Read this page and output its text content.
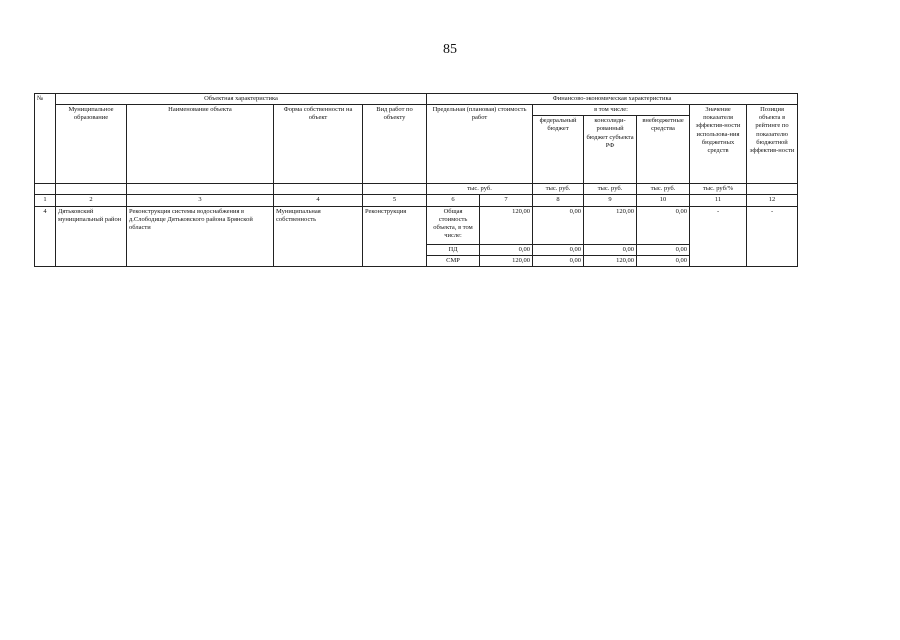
85
№	Объектная характеристика				Финансово-экономическая характеристика						
	Муниципальное образование	Наименование объекта	Форма собственности на объект	Вид работ по объекту	Предельная (плановая) стоимость работ		в том числе:			Значение показателя эффектив-ности использова-ния бюджетных средств	Позиция объекта в рейтинге по показателю бюджетной эффектив-ности
							федеральный бюджет	консолиди-рованный бюджет субъекта РФ	внебюджетные средства		
					тыс. руб.		тыс. руб.	тыс. руб.	тыс. руб.	тыс. руб/%	
1	2	3	4	5	6	7	8	9	10	11	12
4	Дятьковский муниципальный район	Реконструкция системы водоснабжения в д.Слободище Дятьковского района Брянской области	Муниципальная собственность	Реконструкция	Общая стоимость объекта, в том числе:	120,00	0,00	120,00	0,00	-	-
					ПД	0,00	0,00	0,00	0,00		
					СМР	120,00	0,00	120,00	0,00		
